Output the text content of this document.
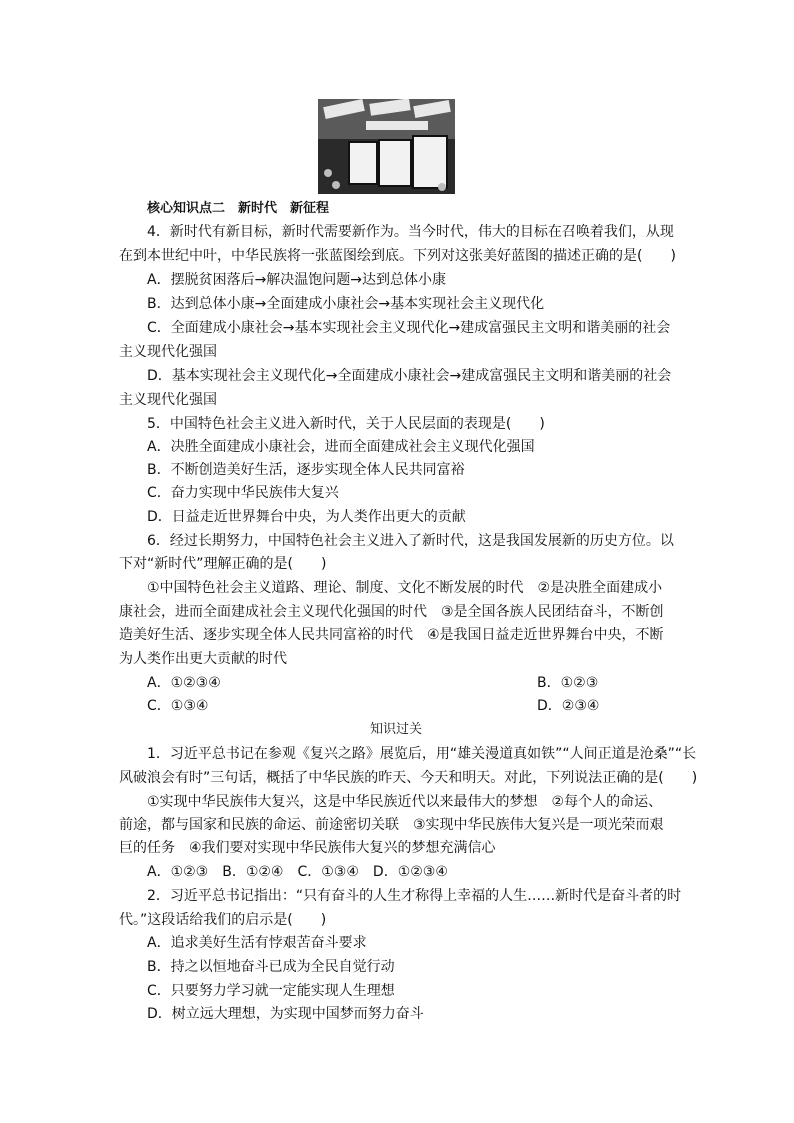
核心知识点二　新时代　新征程
4．新时代有新目标，新时代需要新作为。当今时代，伟大的目标在召唤着我们，从现
在到本世纪中叶，中华民族将一张蓝图绘到底。下列对这张美好蓝图的描述正确的是(　　)
A．摆脱贫困落后→解决温饱问题→达到总体小康
B．达到总体小康→全面建成小康社会→基本实现社会主义现代化
C．全面建成小康社会→基本实现社会主义现代化→建成富强民主文明和谐美丽的社会
主义现代化强国
D．基本实现社会主义现代化→全面建成小康社会→建成富强民主文明和谐美丽的社会
主义现代化强国
5．中国特色社会主义进入新时代，关于人民层面的表现是(　　)
A．决胜全面建成小康社会，进而全面建成社会主义现代化强国
B．不断创造美好生活，逐步实现全体人民共同富裕
C．奋力实现中华民族伟大复兴
D．日益走近世界舞台中央，为人类作出更大的贡献
6．经过长期努力，中国特色社会主义进入了新时代，这是我国发展新的历史方位。以
下对“新时代”理解正确的是(　　)
①中国特色社会主义道路、理论、制度、文化不断发展的时代　②是决胜全面建成小
康社会，进而全面建成社会主义现代化强国的时代　③是全国各族人民团结奋斗，不断创
造美好生活、逐步实现全体人民共同富裕的时代　④是我国日益走近世界舞台中央，不断
为人类作出更大贡献的时代
A．①②③④	B．①②③
C．①③④	D．②③④
知识过关
1．习近平总书记在参观《复兴之路》展览后，用“雄关漫道真如铁”“人间正道是沧桑”“长
风破浪会有时”三句话，概括了中华民族的昨天、今天和明天。对此，下列说法正确的是(　　)
①实现中华民族伟大复兴，这是中华民族近代以来最伟大的梦想　②每个人的命运、
前途，都与国家和民族的命运、前途密切关联　③实现中华民族伟大复兴是一项光荣而艰
巨的任务　④我们要对实现中华民族伟大复兴的梦想充满信心
A．①②③　B．①②④　C．①③④　D．①②③④
2．习近平总书记指出：“只有奋斗的人生才称得上幸福的人生……新时代是奋斗者的时
代。”这段话给我们的启示是(　　)
A．追求美好生活有悖艰苦奋斗要求
B．持之以恒地奋斗已成为全民自觉行动
C．只要努力学习就一定能实现人生理想
D．树立远大理想，为实现中国梦而努力奋斗
